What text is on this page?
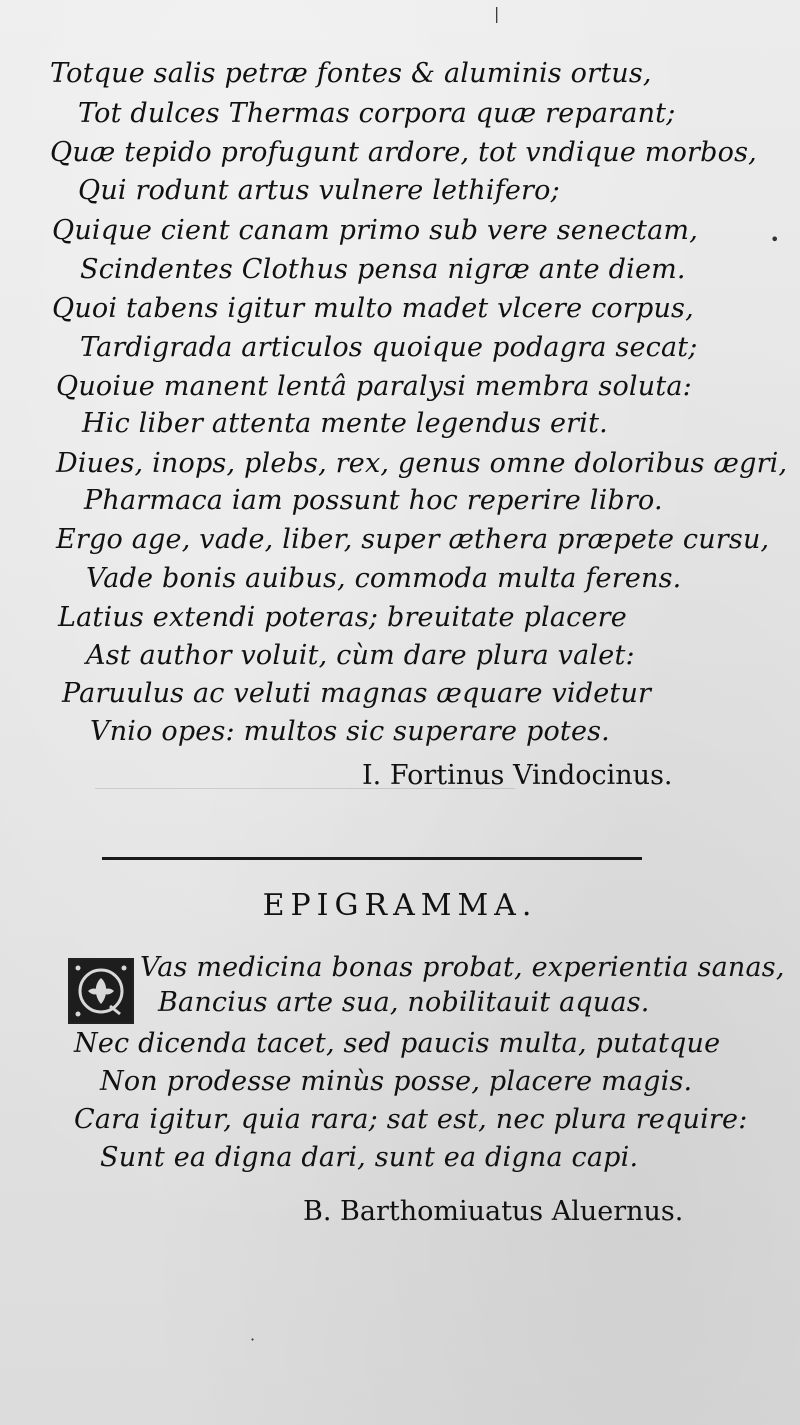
Totque salis petræ fontes & aluminis ortus,
Tot dulces Thermas corpora quæ reparant;
Quæ tepido profugunt ardore, tot vndique morbos,
Qui rodunt artus vulnere lethifero;
Quique cient canam primo sub vere senectam,
Scindentes Clothus pensa nigræ ante diem.
Quoi tabens igitur multo madet vlcere corpus,
Tardigrada articulos quoique podagra secat;
Quoiue manent lentâ paralysi membra soluta:
Hic liber attenta mente legendus erit.
Diues, inops, plebs, rex, genus omne doloribus ægri,
Pharmaca iam possunt hoc reperire libro.
Ergo age, vade, liber, super æthera præpete cursu,
Vade bonis auibus, commoda multa ferens.
Latius extendi poteras; breuitate placere
Ast author voluit, cùm dare plura valet:
Paruulus ac veluti magnas æquare videtur
Vnio opes: multos sic superare potes.
I. Fortinus Vindocinus.
EPIGRAMMA.
Vas medicina bonas probat, experientia sanas,
Bancius arte sua, nobilitauit aquas.
Nec dicenda tacet, sed paucis multa, putatque
Non prodesse minùs posse, placere magis.
Cara igitur, quia rara; sat est, nec plura require:
Sunt ea digna dari, sunt ea digna capi.
B. Barthomiuatus Aluernus.
|
•
·
